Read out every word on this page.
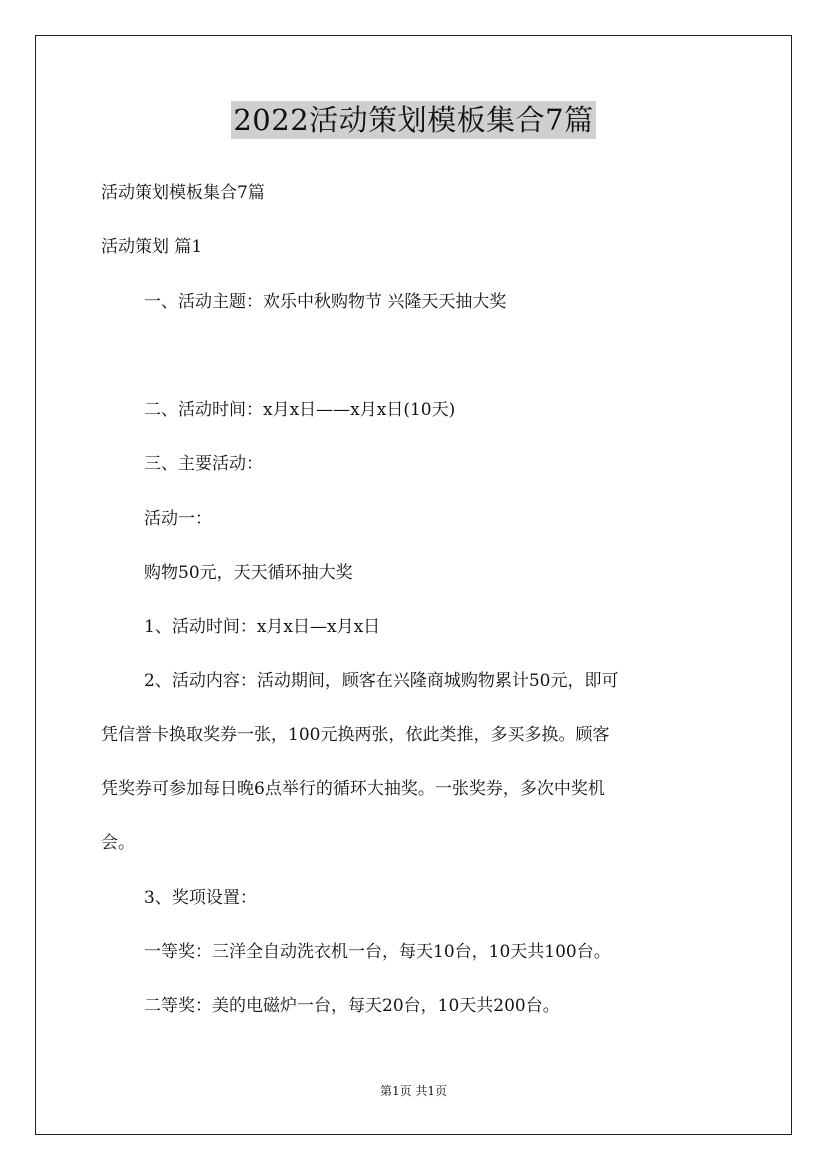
2022活动策划模板集合7篇

活动策划模板集合7篇

活动策划 篇1

一、活动主题：欢乐中秋购物节 兴隆天天抽大奖

二、活动时间：x月x日——x月x日(10天)

三、主要活动：

活动一：

购物50元，天天循环抽大奖

1、活动时间：x月x日—x月x日

2、活动内容：活动期间，顾客在兴隆商城购物累计50元，即可
凭信誉卡换取奖券一张，100元换两张，依此类推，多买多换。顾客
凭奖券可参加每日晚6点举行的循环大抽奖。一张奖券，多次中奖机
会。

3、奖项设置：

一等奖：三洋全自动洗衣机一台，每天10台，10天共100台。

二等奖：美的电磁炉一台，每天20台，10天共200台。

第1页 共1页
